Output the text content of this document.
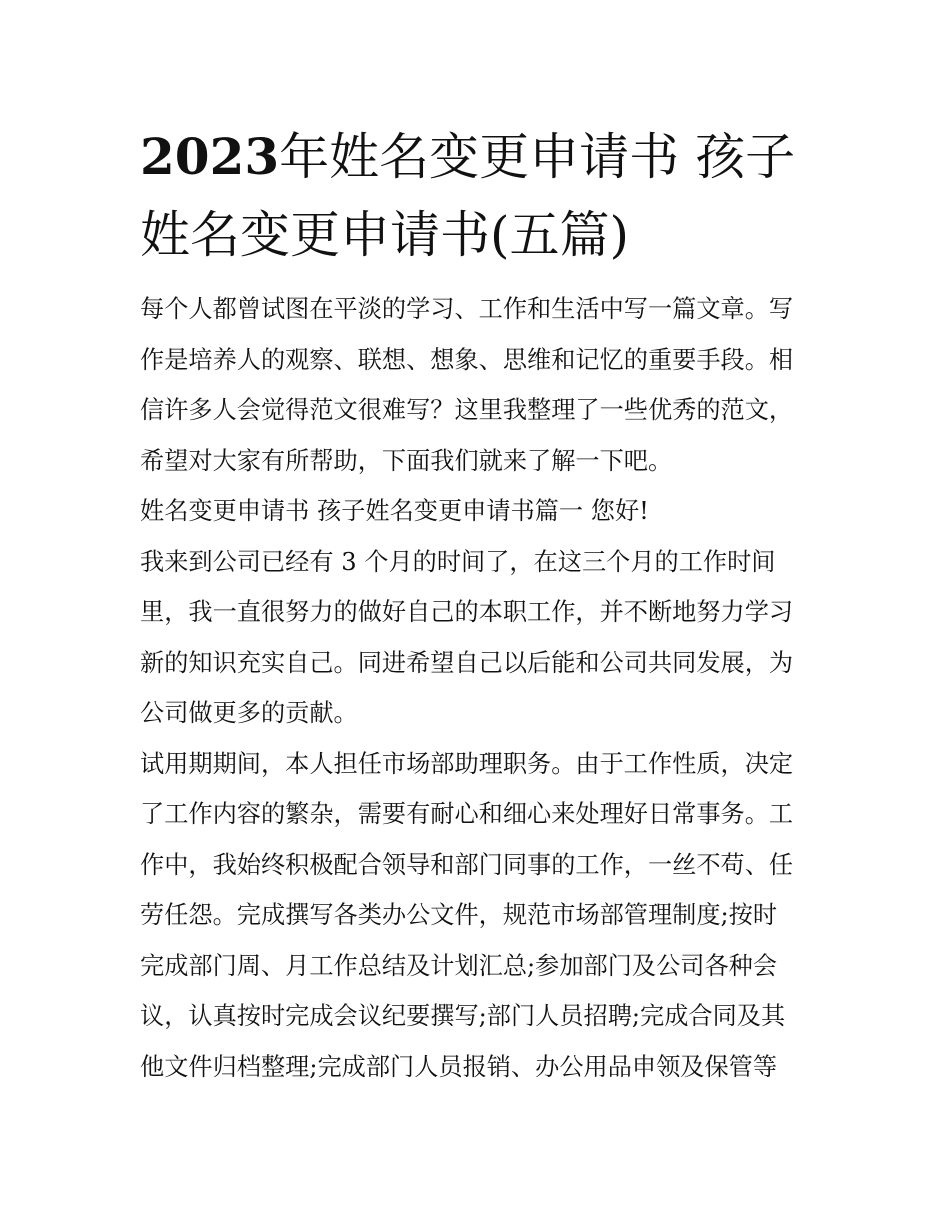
2023年姓名变更申请书 孩子
姓名变更申请书(五篇)
每个人都曾试图在平淡的学习、工作和生活中写一篇文章。写
作是培养人的观察、联想、想象、思维和记忆的重要手段。相
信许多人会觉得范文很难写？这里我整理了一些优秀的范文，
希望对大家有所帮助，下面我们就来了解一下吧。
姓名变更申请书 孩子姓名变更申请书篇一 您好!
我来到公司已经有 3 个月的时间了，在这三个月的工作时间
里，我一直很努力的做好自己的本职工作，并不断地努力学习
新的知识充实自己。同进希望自己以后能和公司共同发展，为
公司做更多的贡献。
试用期期间，本人担任市场部助理职务。由于工作性质，决定
了工作内容的繁杂，需要有耐心和细心来处理好日常事务。工
作中，我始终积极配合领导和部门同事的工作，一丝不苟、任
劳任怨。完成撰写各类办公文件，规范市场部管理制度;按时
完成部门周、月工作总结及计划汇总;参加部门及公司各种会
议，认真按时完成会议纪要撰写;部门人员招聘;完成合同及其
他文件归档整理;完成部门人员报销、办公用品申领及保管等
